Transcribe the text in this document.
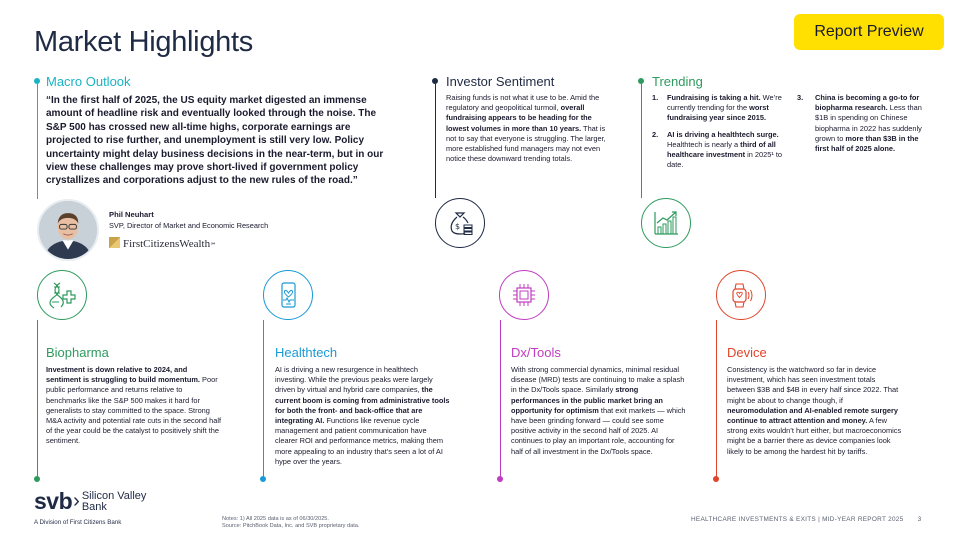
Market Highlights	Report Preview
Macro Outlook
“In the first half of 2025, the US equity market digested an immense amount of headline risk and eventually looked through the noise. The S&P 500 has crossed new all-time highs, corporate earnings are projected to rise further, and unemployment is still very low. Policy uncertainty might delay business decisions in the near-term, but in our view these challenges may prove short-lived if government policy crystallizes and corporations adjust to the new rules of the road.”
Phil Neuhart
SVP, Director of Market and Economic Research
FirstCitizensWealth℠
Investor Sentiment
Raising funds is not what it use to be. Amid the regulatory and geopolitical turmoil, overall fundraising appears to be heading for the lowest volumes in more than 10 years. That is not to say that everyone is struggling. The larger, more established fund managers may not even notice these downward trending totals.
$
Trending
1.	Fundraising is taking a hit. We’re currently trending for the worst fundraising year since 2015.
2.	AI is driving a healthtech surge. Healthtech is nearly a third of all healthcare investment in 2025¹ to date.
3.	China is becoming a go-to for biopharma research. Less than $1B in spending on Chinese biopharma in 2022 has suddenly grown to more than $3B in the first half of 2025 alone.
Biopharma
Investment is down relative to 2024, and sentiment is struggling to build momentum. Poor public performance and returns relative to benchmarks like the S&P 500 makes it hard for generalists to stay committed to the space. Strong M&A activity and potential rate cuts in the second half of the year could be the catalyst to positively shift the sentiment.
Healthtech
AI is driving a new resurgence in healthtech investing. While the previous peaks were largely driven by virtual and hybrid care companies, the current boom is coming from administrative tools for both the front- and back-office that are integrating AI. Functions like revenue cycle management and patient communication have clearer ROI and performance metrics, making them more appealing to an industry that’s seen a lot of AI hype over the years.
Dx/Tools
With strong commercial dynamics, minimal residual disease (MRD) tests are continuing to make a splash in the Dx/Tools space. Similarly strong performances in the public market bring an opportunity for optimism that exit markets — which have been grinding forward — could see some positive activity in the second half of 2025. AI continues to play an important role, accounting for half of all investment in the Dx/Tools space.
Device
Consistency is the watchword so far in device investment, which has seen investment totals between $3B and $4B in every half since 2022. That might be about to change though, if neuromodulation and AI-enabled remote surgery continue to attract attention and money. A few strong exits wouldn’t hurt either, but macroeconomics might be a barrier there as device companies look likely to be among the hardest hit by tariffs.
svb › Silicon Valley
Bank
A Division of First Citizens Bank	Notes: 1) All 2025 data is as of 06/30/2025.
Source: PitchBook Data, Inc. and SVB proprietary data.
HEALTHCARE INVESTMENTS & EXITS | MID-YEAR REPORT 2025 3
